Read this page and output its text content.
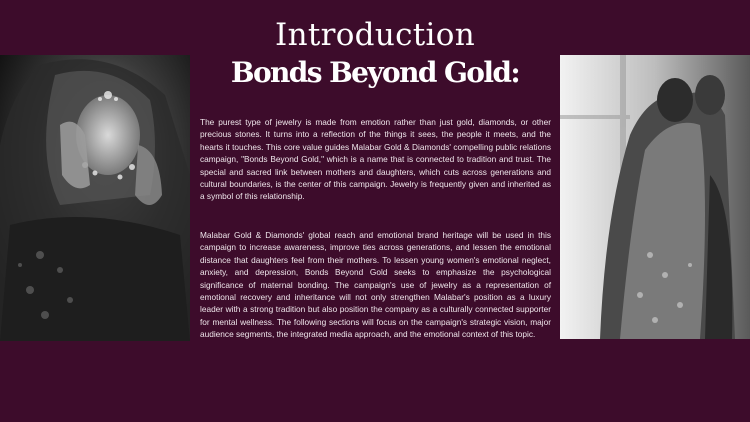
Introduction
Bonds Beyond Gold:

The purest type of jewelry is made from emotion rather than just gold, diamonds, or other precious stones. It turns into a reflection of the things it sees, the people it meets, and the hearts it touches. This core value guides Malabar Gold & Diamonds' compelling public relations campaign, "Bonds Beyond Gold," which is a name that is connected to tradition and trust. The special and sacred link between mothers and daughters, which cuts across generations and cultural boundaries, is the center of this campaign. Jewelry is frequently given and inherited as a symbol of this relationship.

Malabar Gold & Diamonds' global reach and emotional brand heritage will be used in this campaign to increase awareness, improve ties across generations, and lessen the emotional distance that daughters feel from their mothers. To lessen young women's emotional neglect, anxiety, and depression, Bonds Beyond Gold seeks to emphasize the psychological significance of maternal bonding. The campaign's use of jewelry as a representation of emotional recovery and inheritance will not only strengthen Malabar's position as a luxury leader with a strong tradition but also position the company as a culturally connected supporter for mental wellness. The following sections will focus on the campaign's strategic vision, major audience segments, the integrated media approach, and the emotional context of this topic.
